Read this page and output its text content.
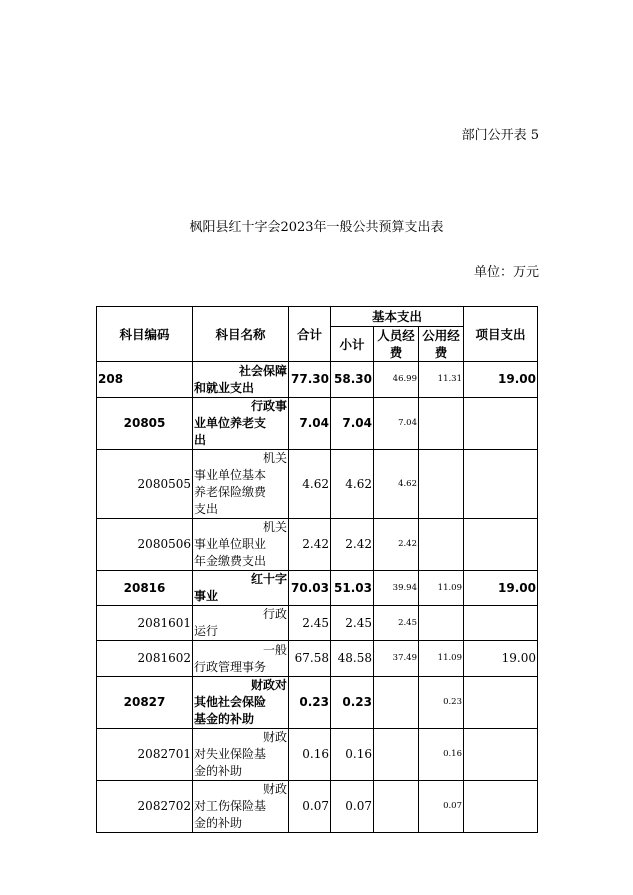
部门公开表 5
枫阳县红十字会2023年一般公共预算支出表
单位：万元
科目编码	科目名称	合计	基本支出			项目支出
			小计	人员经费	公用经费	
208	社会保障
和就业支出	77.30	58.30	46.99	11.31	19.00
20805	行政事
业单位养老支
出	7.04	7.04	7.04		
2080505	机关
事业单位基本
养老保险缴费
支出	4.62	4.62	4.62		
2080506	机关
事业单位职业
年金缴费支出	2.42	2.42	2.42		
20816	红十字
事业	70.03	51.03	39.94	11.09	19.00
2081601	行政
运行	2.45	2.45	2.45		
2081602	一般
行政管理事务	67.58	48.58	37.49	11.09	19.00
20827	财政对
其他社会保险
基金的补助	0.23	0.23		0.23	
2082701	财政
对失业保险基
金的补助	0.16	0.16		0.16	
2082702	财政
对工伤保险基
金的补助	0.07	0.07		0.07	
